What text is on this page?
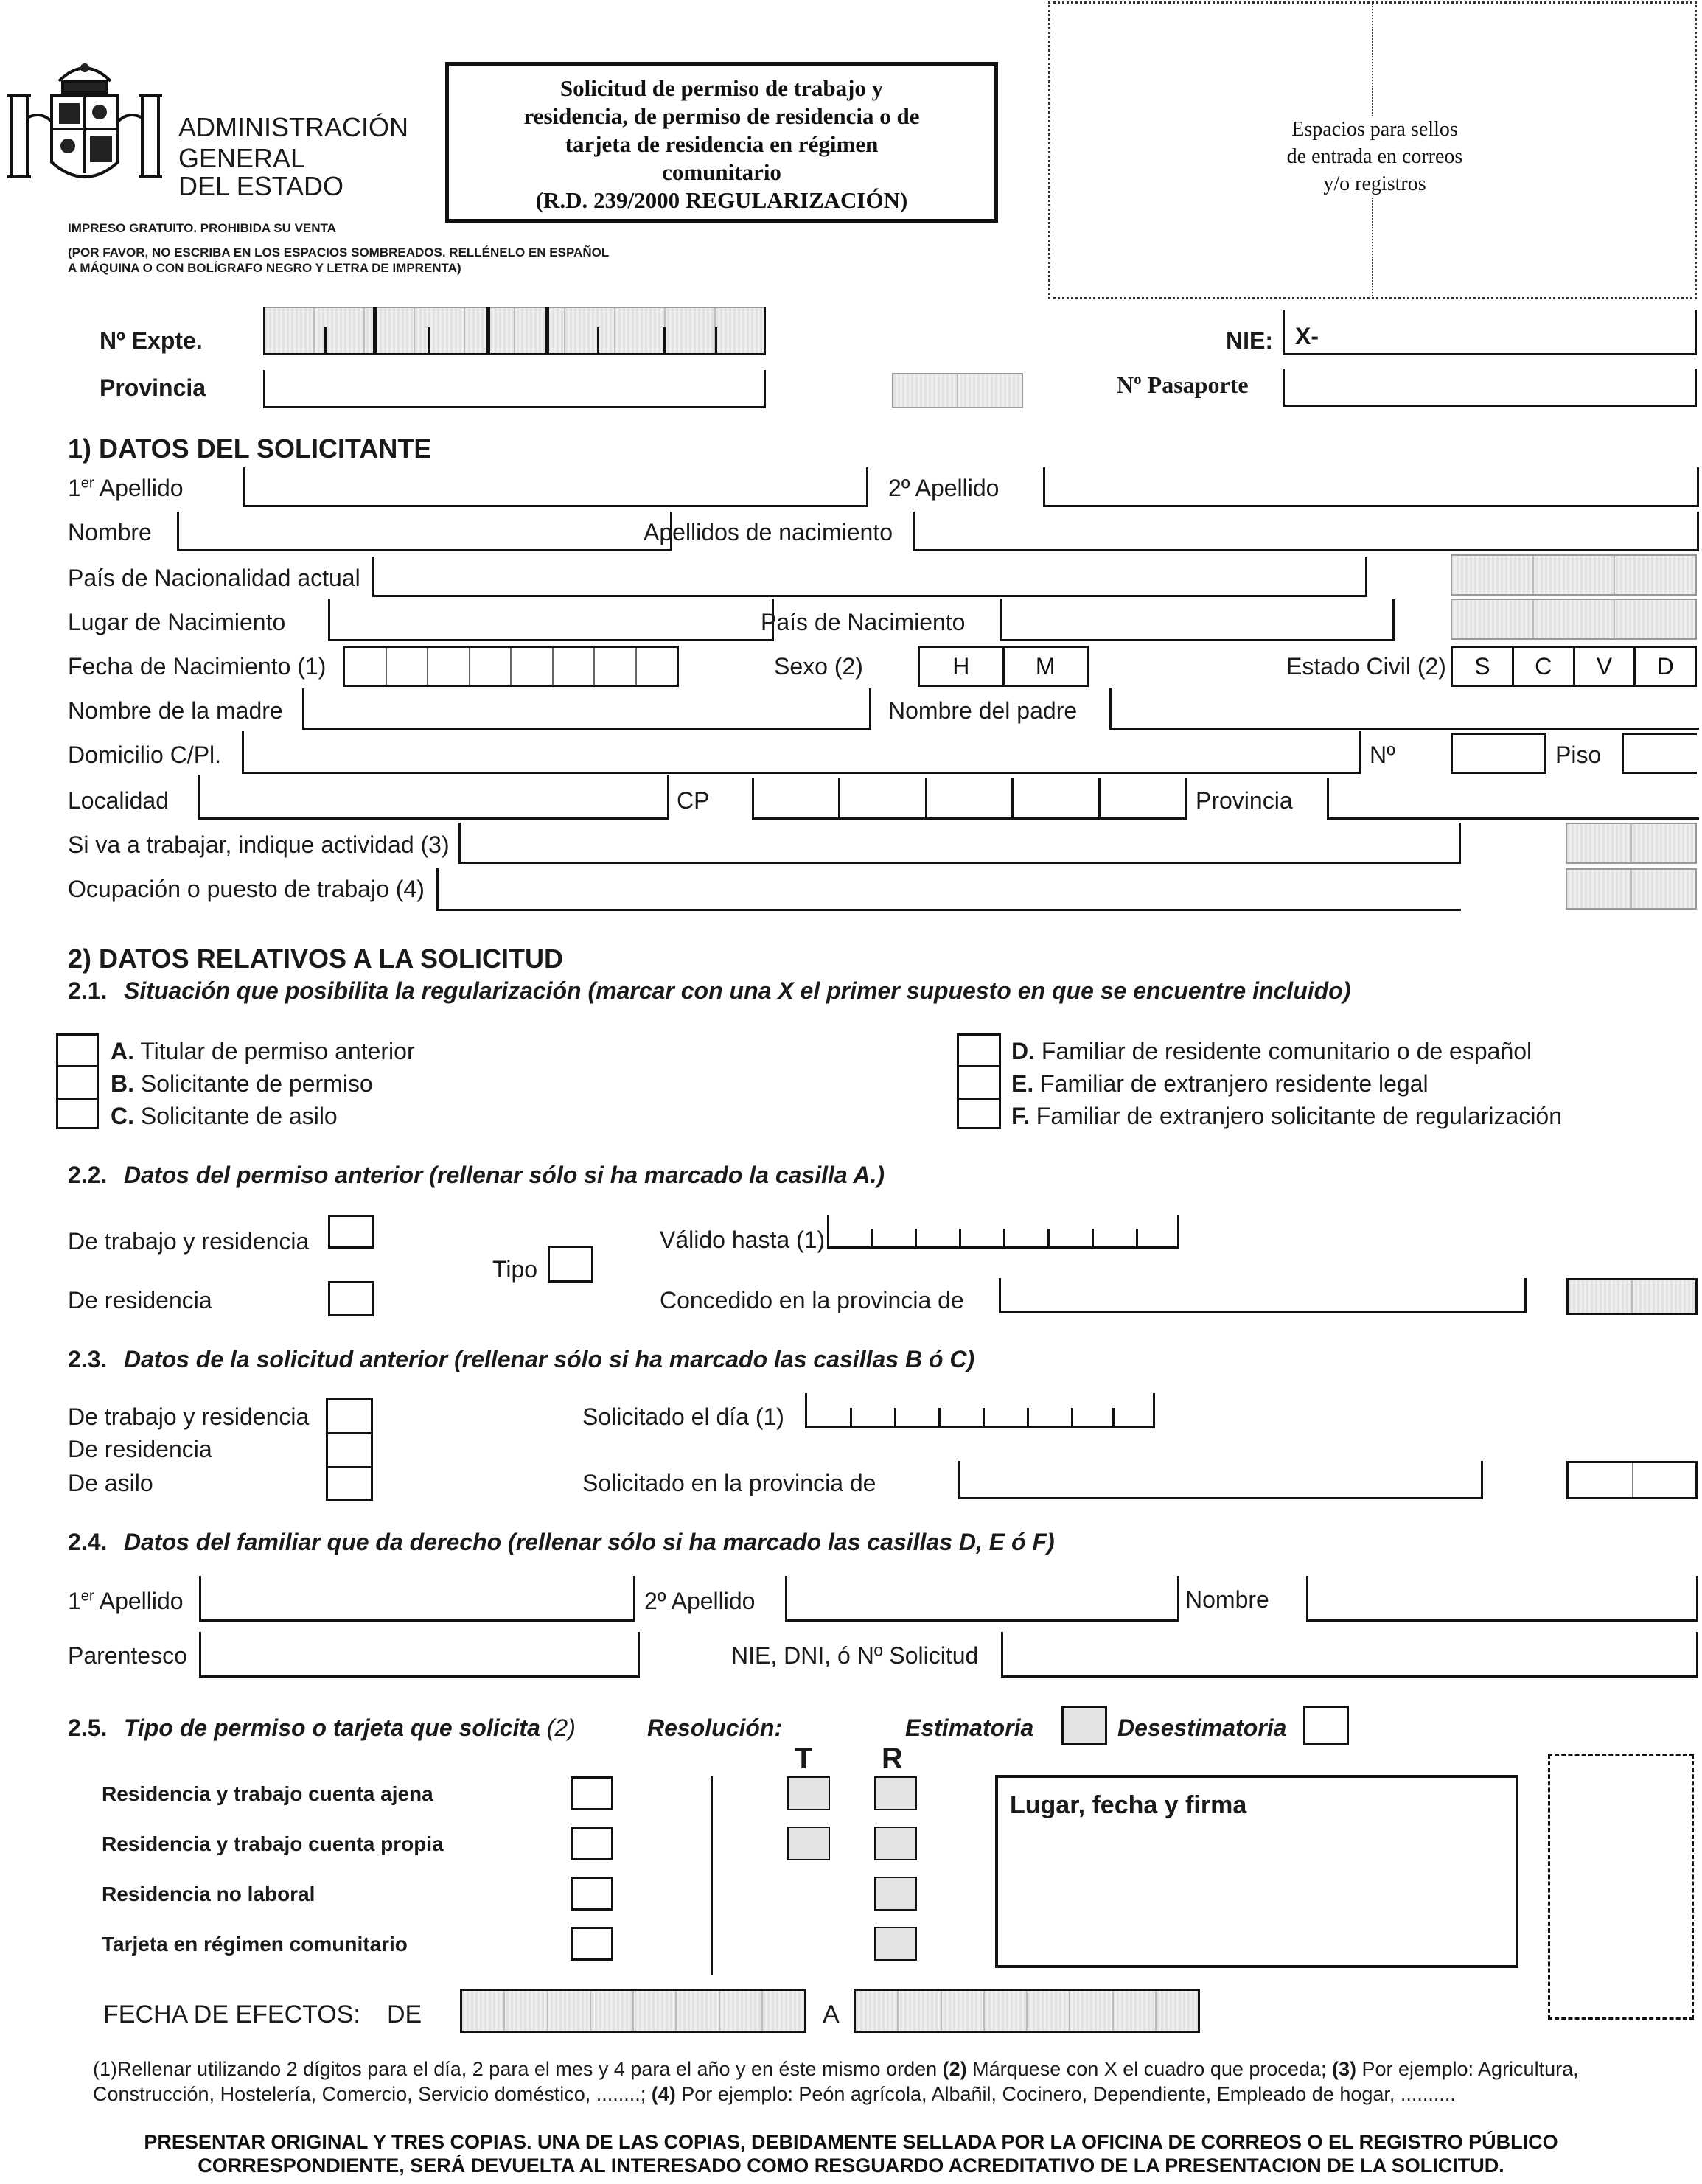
ADMINISTRACIÓN
GENERAL
DEL ESTADO
IMPRESO GRATUITO. PROHIBIDA SU VENTA
(POR FAVOR, NO ESCRIBA EN LOS ESPACIOS SOMBREADOS. RELLÉNELO EN ESPAÑOL
A MÁQUINA O CON BOLÍGRAFO NEGRO Y LETRA DE IMPRENTA)
Solicitud de permiso de trabajo y
residencia, de permiso de residencia o de
tarjeta de residencia en régimen
comunitario
(R.D. 239/2000 REGULARIZACIÓN)
Espacios para sellos
de entrada en correos
y/o registros
Nº Expte.
Provincia
NIE: X-
Nº Pasaporte
1) DATOS DEL SOLICITANTE
1er Apellido	2º Apellido
Nombre	Apellidos de nacimiento
País de Nacionalidad actual
Lugar de Nacimiento	País de Nacimiento
Fecha de Nacimiento (1)	Sexo (2)	H	M	Estado Civil (2)	S	C	V	D
Nombre de la madre	Nombre del padre
Domicilio C/Pl.	Nº	Piso
Localidad	CP	Provincia
Si va a trabajar, indique actividad (3)
Ocupación o puesto de trabajo (4)
2) DATOS RELATIVOS A LA SOLICITUD
2.1. Situación que posibilita la regularización (marcar con una X el primer supuesto en que se encuentre incluido)
A. Titular de permiso anterior
B. Solicitante de permiso
C. Solicitante de asilo
D. Familiar de residente comunitario o de español
E. Familiar de extranjero residente legal
F. Familiar de extranjero solicitante de regularización
2.2. Datos del permiso anterior (rellenar sólo si ha marcado la casilla A.)
De trabajo y residencia
De residencia
Tipo
Válido hasta (1)
Concedido en la provincia de
2.3. Datos de la solicitud anterior (rellenar sólo si ha marcado las casillas B ó C)
De trabajo y residencia
De residencia
De asilo
Solicitado el día (1)
Solicitado en la provincia de
2.4. Datos del familiar que da derecho (rellenar sólo si ha marcado las casillas D, E ó F)
1er Apellido	2º Apellido	Nombre
Parentesco	NIE, DNI, ó Nº Solicitud
2.5. Tipo de permiso o tarjeta que solicita (2)	Resolución:	Estimatoria	Desestimatoria
T R
Residencia y trabajo cuenta ajena
Residencia y trabajo cuenta propia
Residencia no laboral
Tarjeta en régimen comunitario
Lugar, fecha y firma
FECHA DE EFECTOS: DE	A
(1)Rellenar utilizando 2 dígitos para el día, 2 para el mes y 4 para el año y en éste mismo orden (2) Márquese con X el cuadro que proceda; (3) Por ejemplo: Agricultura,
Construcción, Hostelería, Comercio, Servicio doméstico, ........; (4) Por ejemplo: Peón agrícola, Albañil, Cocinero, Dependiente, Empleado de hogar, ..........
PRESENTAR ORIGINAL Y TRES COPIAS. UNA DE LAS COPIAS, DEBIDAMENTE SELLADA POR LA OFICINA DE CORREOS O EL REGISTRO PÚBLICO
CORRESPONDIENTE, SERÁ DEVUELTA AL INTERESADO COMO RESGUARDO ACREDITATIVO DE LA PRESENTACION DE LA SOLICITUD.
